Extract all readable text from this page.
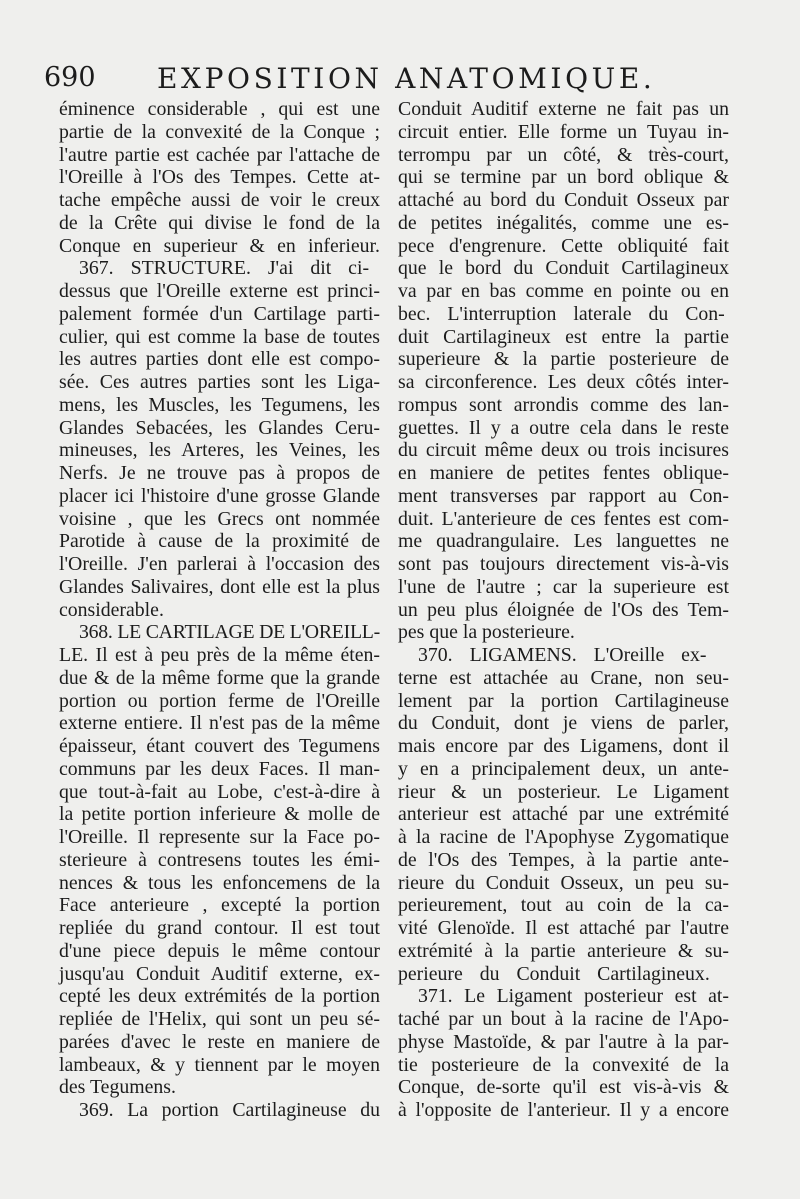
690 EXPOSITION ANATOMIQUE.
éminence considerable , qui est une
partie de la convexité de la Conque ;
l'autre partie est cachée par l'attache de
l'Oreille à l'Os des Tempes. Cette at-
tache empêche aussi de voir le creux
de la Crête qui divise le fond de la
Conque en superieur & en inferieur.
367. STRUCTURE. J'ai dit ci-
dessus que l'Oreille externe est princi-
palement formée d'un Cartilage parti-
culier, qui est comme la base de toutes
les autres parties dont elle est compo-
sée. Ces autres parties sont les Liga-
mens, les Muscles, les Tegumens, les
Glandes Sebacées, les Glandes Ceru-
mineuses, les Arteres, les Veines, les
Nerfs. Je ne trouve pas à propos de
placer ici l'histoire d'une grosse Glande
voisine , que les Grecs ont nommée
Parotide à cause de la proximité de
l'Oreille. J'en parlerai à l'occasion des
Glandes Salivaires, dont elle est la plus
considerable.
368. LE CARTILAGE DE L'OREILL-
LE. Il est à peu près de la même éten-
due & de la même forme que la grande
portion ou portion ferme de l'Oreille
externe entiere. Il n'est pas de la même
épaisseur, étant couvert des Tegumens
communs par les deux Faces. Il man-
que tout-à-fait au Lobe, c'est-à-dire à
la petite portion inferieure & molle de
l'Oreille. Il represente sur la Face po-
sterieure à contresens toutes les émi-
nences & tous les enfoncemens de la
Face anterieure , excepté la portion
repliée du grand contour. Il est tout
d'une piece depuis le même contour
jusqu'au Conduit Auditif externe, ex-
cepté les deux extrémités de la portion
repliée de l'Helix, qui sont un peu sé-
parées d'avec le reste en maniere de
lambeaux, & y tiennent par le moyen
des Tegumens.
369. La portion Cartilagineuse du
Conduit Auditif externe ne fait pas un
circuit entier. Elle forme un Tuyau in-
terrompu par un côté, & très-court,
qui se termine par un bord oblique &
attaché au bord du Conduit Osseux par
de petites inégalités, comme une es-
pece d'engrenure. Cette obliquité fait
que le bord du Conduit Cartilagineux
va par en bas comme en pointe ou en
bec. L'interruption laterale du Con-
duit Cartilagineux est entre la partie
superieure & la partie posterieure de
sa circonference. Les deux côtés inter-
rompus sont arrondis comme des lan-
guettes. Il y a outre cela dans le reste
du circuit même deux ou trois incisures
en maniere de petites fentes oblique-
ment transverses par rapport au Con-
duit. L'anterieure de ces fentes est com-
me quadrangulaire. Les languettes ne
sont pas toujours directement vis-à-vis
l'une de l'autre ; car la superieure est
un peu plus éloignée de l'Os des Tem-
pes que la posterieure.
370. LIGAMENS. L'Oreille ex-
terne est attachée au Crane, non seu-
lement par la portion Cartilagineuse
du Conduit, dont je viens de parler,
mais encore par des Ligamens, dont il
y en a principalement deux, un ante-
rieur & un posterieur. Le Ligament
anterieur est attaché par une extrémité
à la racine de l'Apophyse Zygomatique
de l'Os des Tempes, à la partie ante-
rieure du Conduit Osseux, un peu su-
perieurement, tout au coin de la ca-
vité Glenoïde. Il est attaché par l'autre
extrémité à la partie anterieure & su-
perieure du Conduit Cartilagineux.
371. Le Ligament posterieur est at-
taché par un bout à la racine de l'Apo-
physe Mastoïde, & par l'autre à la par-
tie posterieure de la convexité de la
Conque, de-sorte qu'il est vis-à-vis &
à l'opposite de l'anterieur. Il y a encore
